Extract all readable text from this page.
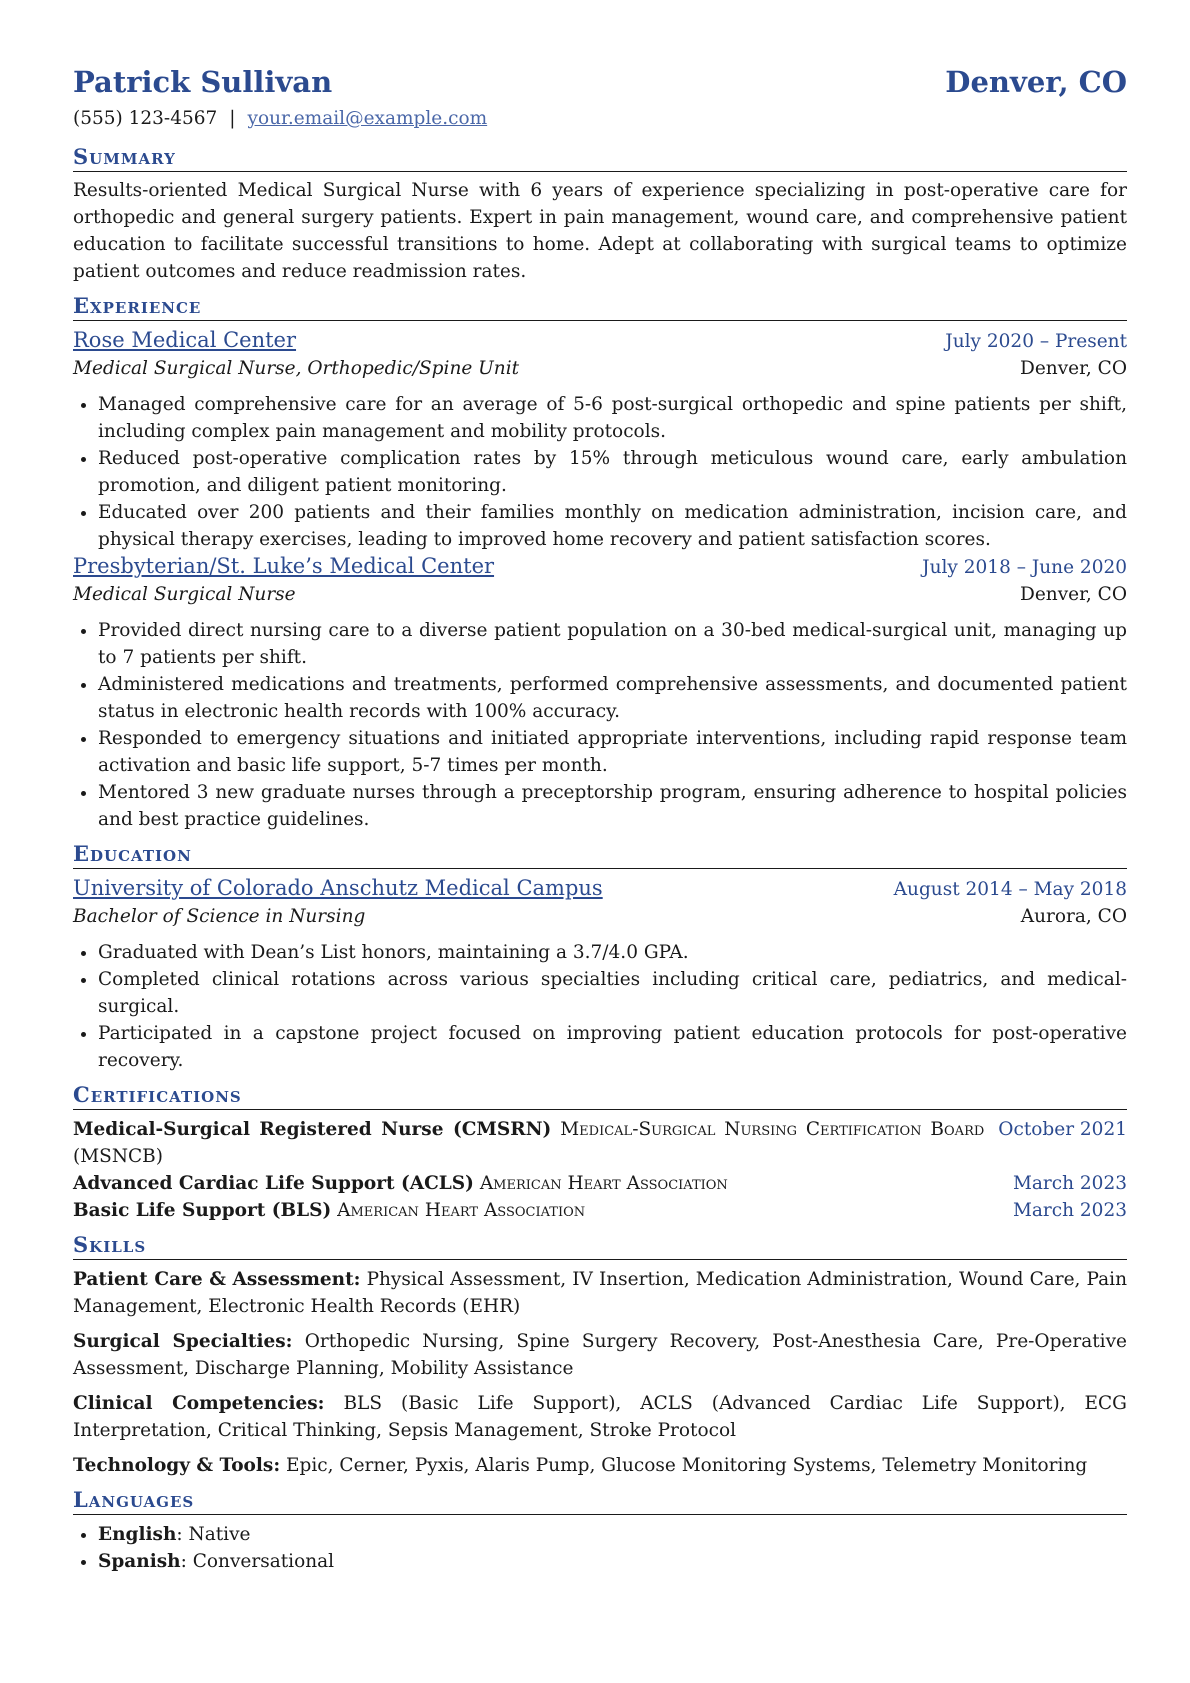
Patrick Sullivan	Denver, CO
(555) 123-4567 | your.email@example.com
Summary
Results-oriented Medical Surgical Nurse with 6 years of experience specializing in post-operative care for orthopedic and general surgery patients. Expert in pain management, wound care, and comprehensive patient education to facilitate successful transitions to home. Adept at collaborating with surgical teams to optimize patient outcomes and reduce readmission rates.
Experience
Rose Medical Center	July 2020 – Present
Medical Surgical Nurse, Orthopedic/Spine Unit	Denver, CO
• Managed comprehensive care for an average of 5-6 post-surgical orthopedic and spine patients per shift, including complex pain management and mobility protocols.
• Reduced post-operative complication rates by 15% through meticulous wound care, early ambulation promotion, and diligent patient monitoring.
• Educated over 200 patients and their families monthly on medication administration, incision care, and physical therapy exercises, leading to improved home recovery and patient satisfaction scores.
Presbyterian/St. Luke’s Medical Center	July 2018 – June 2020
Medical Surgical Nurse	Denver, CO
• Provided direct nursing care to a diverse patient population on a 30-bed medical-surgical unit, managing up to 7 patients per shift.
• Administered medications and treatments, performed comprehensive assessments, and documented patient status in electronic health records with 100% accuracy.
• Responded to emergency situations and initiated appropriate interventions, including rapid response team activation and basic life support, 5-7 times per month.
• Mentored 3 new graduate nurses through a preceptorship program, ensuring adherence to hospital policies and best practice guidelines.
Education
University of Colorado Anschutz Medical Campus	August 2014 – May 2018
Bachelor of Science in Nursing	Aurora, CO
• Graduated with Dean’s List honors, maintaining a 3.7/4.0 GPA.
• Completed clinical rotations across various specialties including critical care, pediatrics, and medical-surgical.
• Participated in a capstone project focused on improving patient education protocols for post-operative recovery.
Certifications
Medical-Surgical Registered Nurse (CMSRN) Medical-Surgical Nursing Certification Board (MSNCB)
October 2021
Advanced Cardiac Life Support (ACLS) American Heart Association	March 2023
Basic Life Support (BLS) American Heart Association	March 2023
Skills
Patient Care & Assessment: Physical Assessment, IV Insertion, Medication Administration, Wound Care, Pain Management, Electronic Health Records (EHR)
Surgical Specialties: Orthopedic Nursing, Spine Surgery Recovery, Post-Anesthesia Care, Pre-Operative Assessment, Discharge Planning, Mobility Assistance
Clinical Competencies: BLS (Basic Life Support), ACLS (Advanced Cardiac Life Support), ECG Interpretation, Critical Thinking, Sepsis Management, Stroke Protocol
Technology & Tools: Epic, Cerner, Pyxis, Alaris Pump, Glucose Monitoring Systems, Telemetry Monitoring
Languages
• English: Native
• Spanish: Conversational
